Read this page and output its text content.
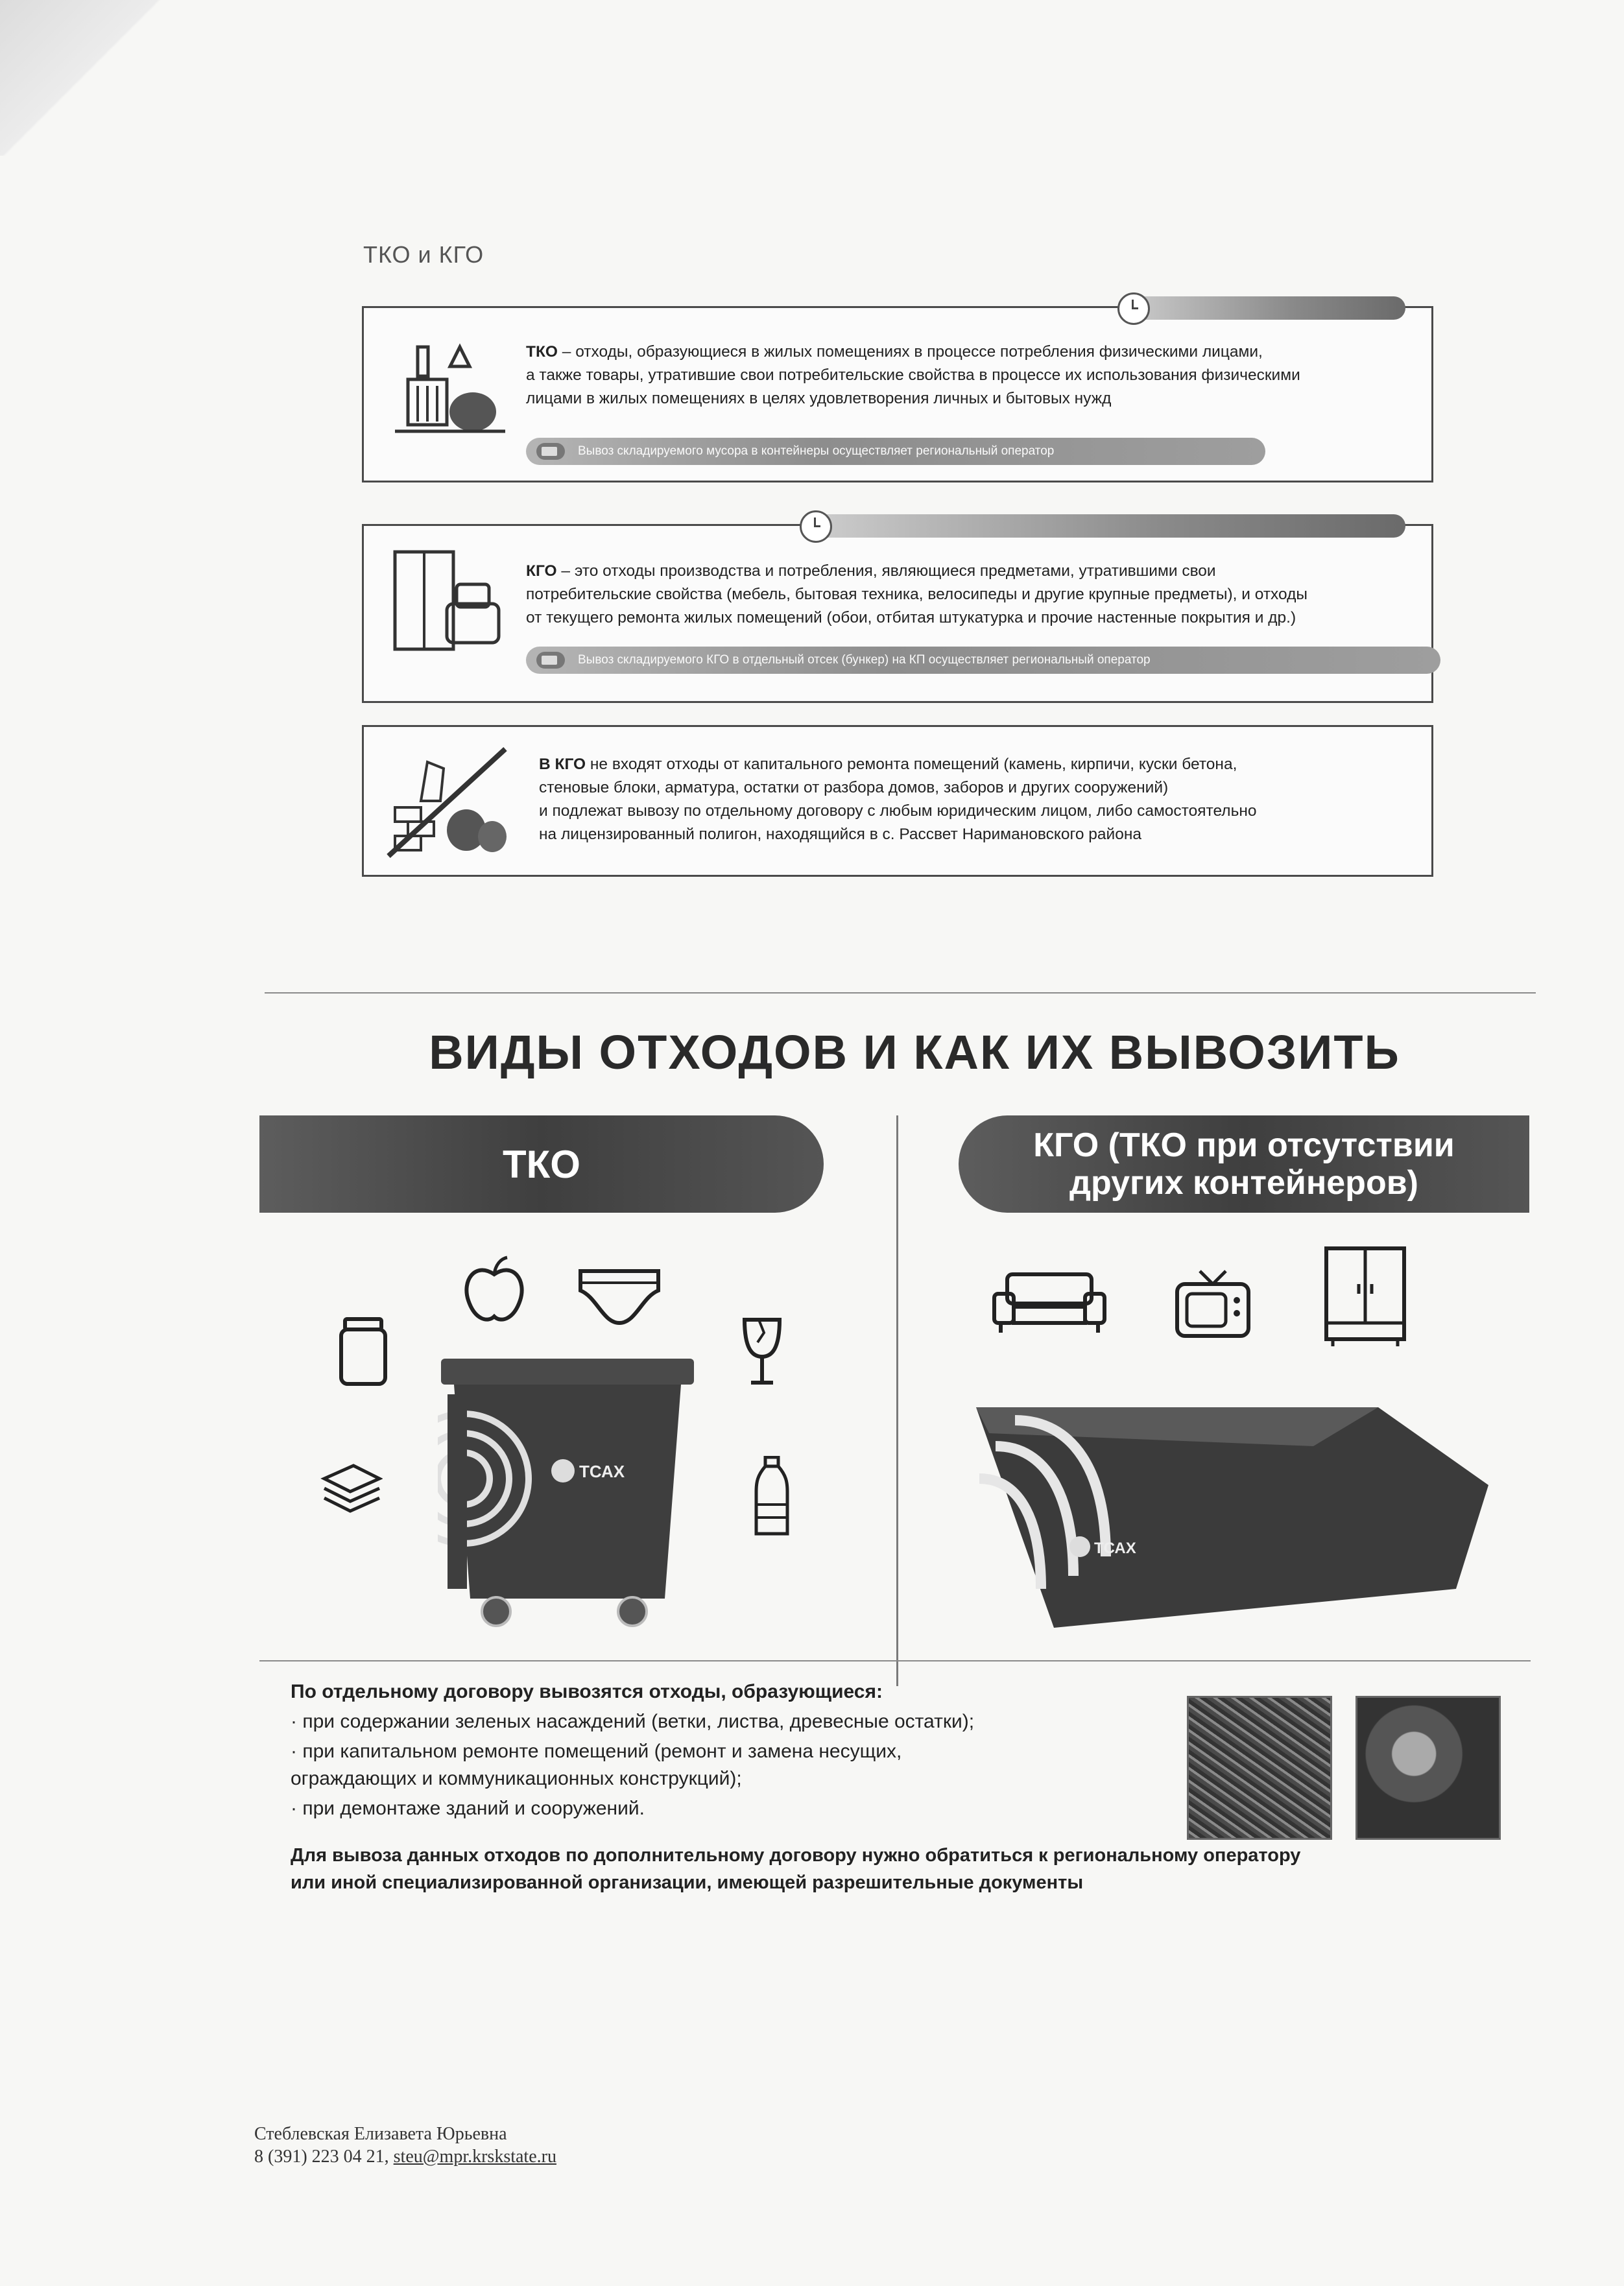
ТКО и КГО
ТКО – отходы, образующиеся в жилых помещениях в процессе потребления физическими лицами,
а также товары, утратившие свои потребительские свойства в процессе их использования физическими
лицами в жилых помещениях в целях удовлетворения личных и бытовых нужд
Вывоз складируемого мусора в контейнеры осуществляет региональный оператор
КГО – это отходы производства и потребления, являющиеся предметами, утратившими свои
потребительские свойства (мебель, бытовая техника, велосипеды и другие крупные предметы), и отходы
от текущего ремонта жилых помещений (обои, отбитая штукатурка и прочие настенные покрытия и др.)
Вывоз складируемого КГО в отдельный отсек (бункер) на КП осуществляет региональный оператор
В КГО не входят отходы от капитального ремонта помещений (камень, кирпичи, куски бетона,
стеновые блоки, арматура, остатки от разбора домов, заборов и других сооружений)
и подлежат вывозу по отдельному договору с любым юридическим лицом, либо самостоятельно
на лицензированный полигон, находящийся в с. Рассвет Наримановского района
ВИДЫ ОТХОДОВ И КАК ИХ ВЫВОЗИТЬ
ТКО	КГО (ТКО при отсутствии
других контейнеров)
ТСАХ
ТСАХ
По отдельному договору вывозятся отходы, образующиеся:
· при содержании зеленых насаждений (ветки, листва, древесные остатки);
· при капитальном ремонте помещений (ремонт и замена несущих,
ограждающих и коммуникационных конструкций);
· при демонтаже зданий и сооружений.
Для вывоза данных отходов по дополнительному договору нужно обратиться к региональному оператору
или иной специализированной организации, имеющей разрешительные документы
Стеблевская Елизавета Юрьевна
8 (391) 223 04 21, steu@mpr.krskstate.ru
